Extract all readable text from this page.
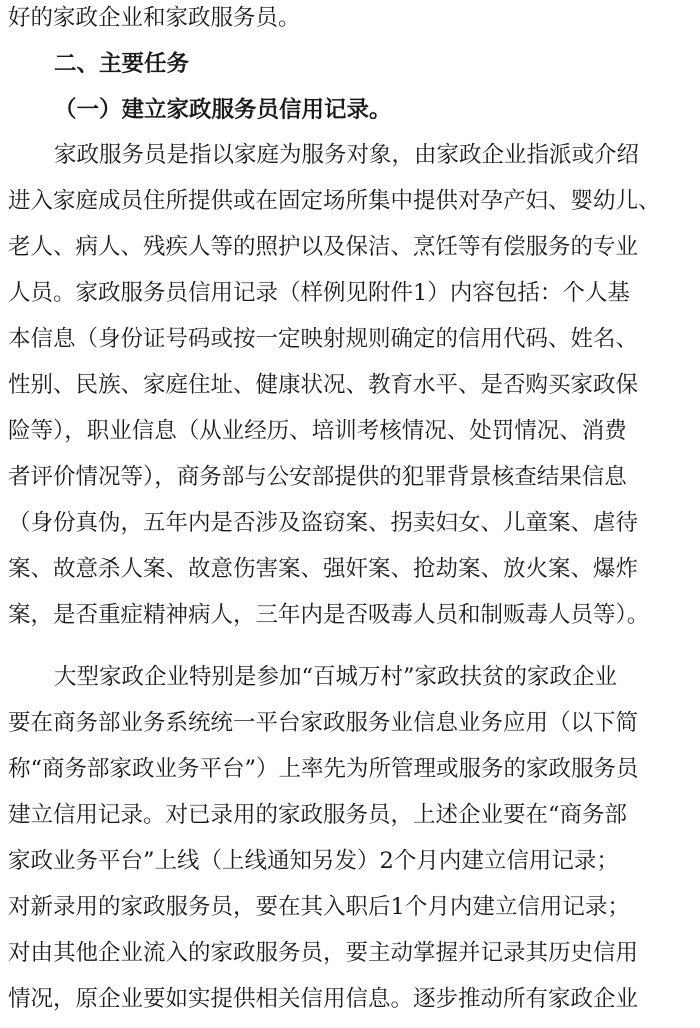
好的家政企业和家政服务员。
二、主要任务
（一）建立家政服务员信用记录。
家政服务员是指以家庭为服务对象，由家政企业指派或介绍
进入家庭成员住所提供或在固定场所集中提供对孕产妇、婴幼儿、
老人、病人、残疾人等的照护以及保洁、烹饪等有偿服务的专业
人员。家政服务员信用记录（样例见附件1）内容包括：个人基
本信息（身份证号码或按一定映射规则确定的信用代码、姓名、
性别、民族、家庭住址、健康状况、教育水平、是否购买家政保
险等），职业信息（从业经历、培训考核情况、处罚情况、消费
者评价情况等），商务部与公安部提供的犯罪背景核查结果信息
（身份真伪，五年内是否涉及盗窃案、拐卖妇女、儿童案、虐待
案、故意杀人案、故意伤害案、强奸案、抢劫案、放火案、爆炸
案，是否重症精神病人，三年内是否吸毒人员和制贩毒人员等）。
大型家政企业特别是参加“百城万村”家政扶贫的家政企业
要在商务部业务系统统一平台家政服务业信息业务应用（以下简
称“商务部家政业务平台”）上率先为所管理或服务的家政服务员
建立信用记录。对已录用的家政服务员，上述企业要在“商务部
家政业务平台”上线（上线通知另发）2个月内建立信用记录；
对新录用的家政服务员，要在其入职后1个月内建立信用记录；
对由其他企业流入的家政服务员，要主动掌握并记录其历史信用
情况，原企业要如实提供相关信用信息。逐步推动所有家政企业
